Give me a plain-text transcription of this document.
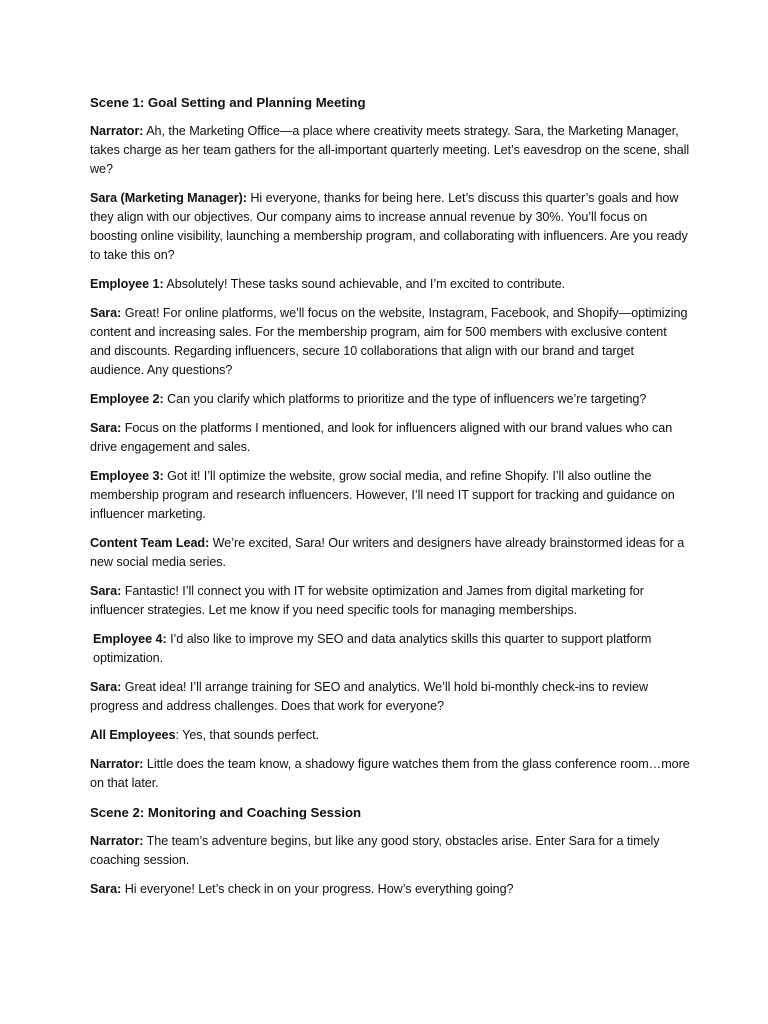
Scene 1: Goal Setting and Planning Meeting

Narrator: Ah, the Marketing Office—a place where creativity meets strategy. Sara, the Marketing Manager, takes charge as her team gathers for the all-important quarterly meeting. Let’s eavesdrop on the scene, shall we?

Sara (Marketing Manager): Hi everyone, thanks for being here. Let’s discuss this quarter’s goals and how they align with our objectives. Our company aims to increase annual revenue by 30%. You’ll focus on boosting online visibility, launching a membership program, and collaborating with influencers. Are you ready to take this on?

Employee 1: Absolutely! These tasks sound achievable, and I’m excited to contribute.

Sara: Great! For online platforms, we’ll focus on the website, Instagram, Facebook, and Shopify—optimizing content and increasing sales. For the membership program, aim for 500 members with exclusive content and discounts. Regarding influencers, secure 10 collaborations that align with our brand and target audience. Any questions?

Employee 2: Can you clarify which platforms to prioritize and the type of influencers we’re targeting?

Sara: Focus on the platforms I mentioned, and look for influencers aligned with our brand values who can drive engagement and sales.

Employee 3: Got it! I’ll optimize the website, grow social media, and refine Shopify. I’ll also outline the membership program and research influencers. However, I’ll need IT support for tracking and guidance on influencer marketing.

Content Team Lead: We’re excited, Sara! Our writers and designers have already brainstormed ideas for a new social media series.

Sara: Fantastic! I’ll connect you with IT for website optimization and James from digital marketing for influencer strategies. Let me know if you need specific tools for managing memberships.

Employee 4: I’d also like to improve my SEO and data analytics skills this quarter to support platform optimization.

Sara: Great idea! I’ll arrange training for SEO and analytics. We’ll hold bi-monthly check-ins to review progress and address challenges. Does that work for everyone?

All Employees: Yes, that sounds perfect.

Narrator: Little does the team know, a shadowy figure watches them from the glass conference room…more on that later.

Scene 2: Monitoring and Coaching Session

Narrator: The team’s adventure begins, but like any good story, obstacles arise. Enter Sara for a timely coaching session.

Sara: Hi everyone! Let’s check in on your progress. How’s everything going?
